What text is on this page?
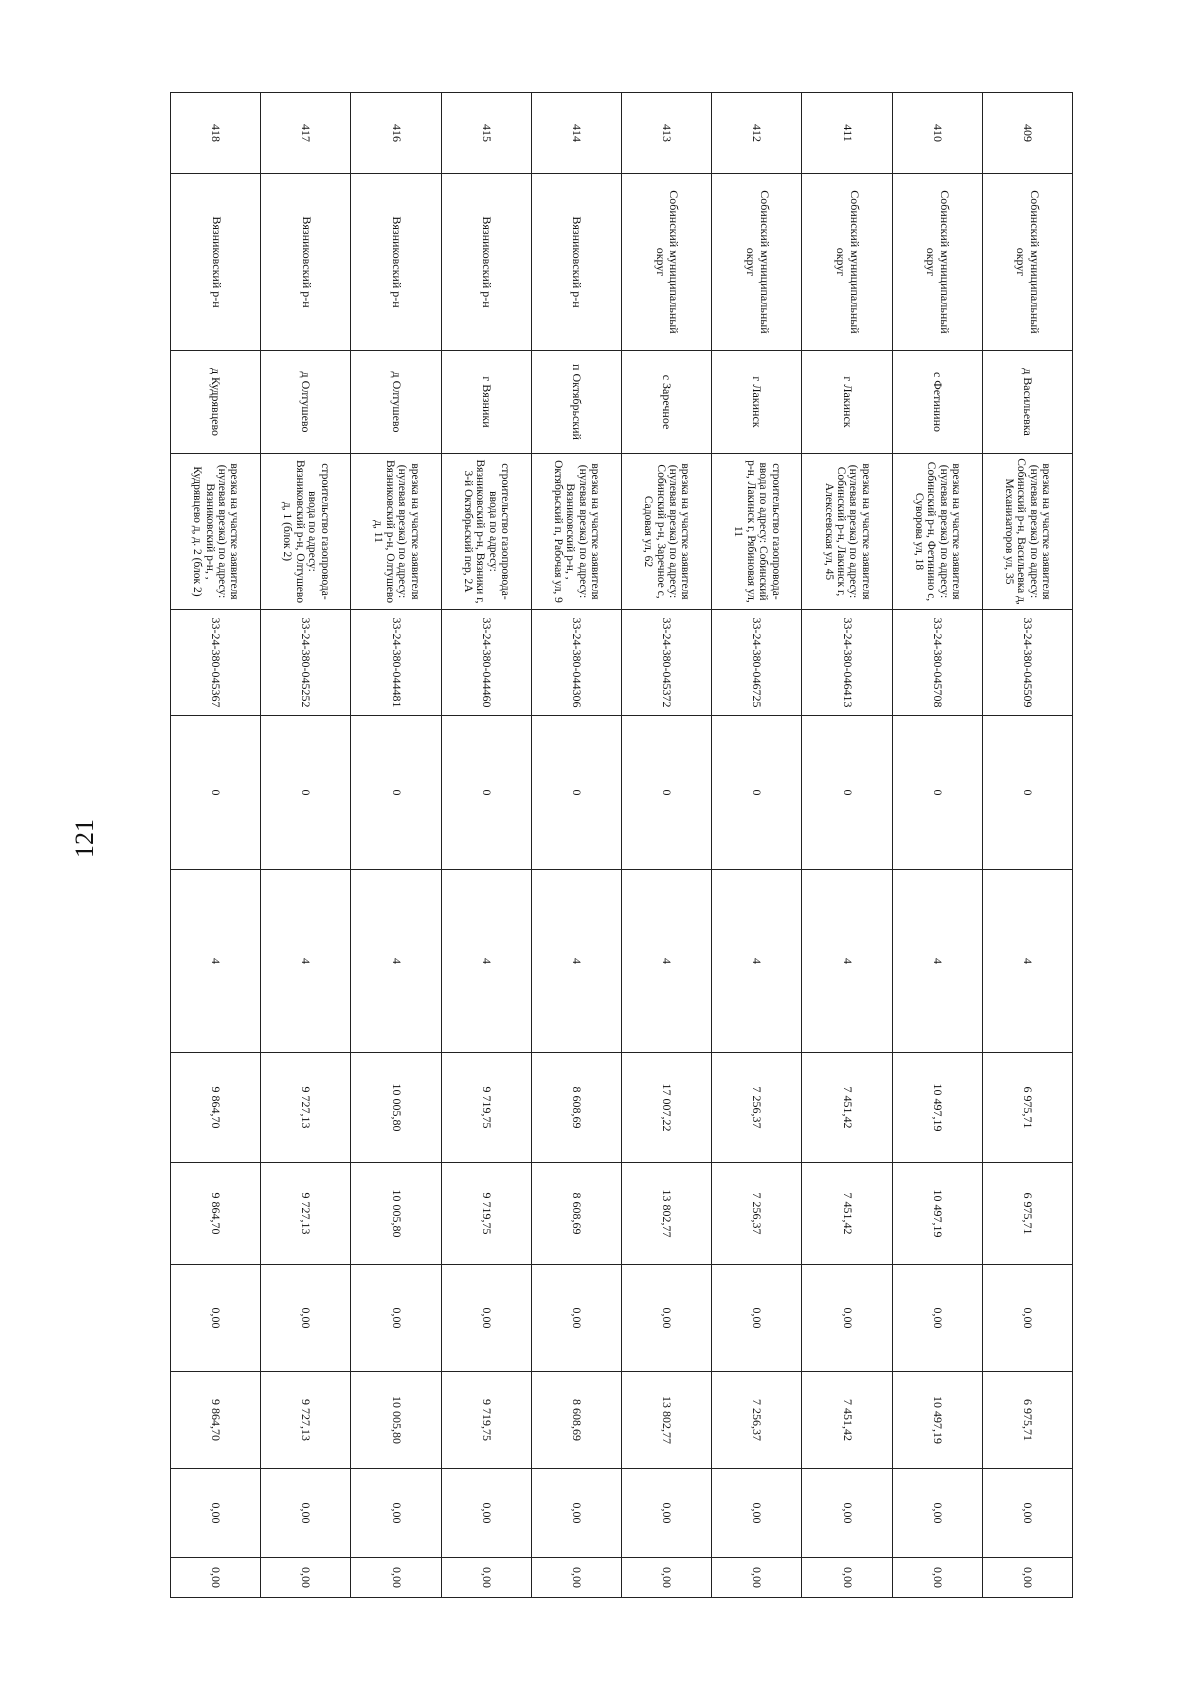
121
409	Собинский муниципальный округ	д Васильевка	врезка на участке заявителя (нулевая врезка) по адресу: Собинский р-н, Васильевка д, Механизаторов ул, 35	33-24-380-045509	0	4	6 975,71	6 975,71	0,00	6 975,71	0,00	0,00
410	Собинский муниципальный округ	с Фетинино	врезка на участке заявителя (нулевая врезка) по адресу: Собинский р-н, Фетинино с, Суворова ул, 18	33-24-380-045708	0	4	10 497,19	10 497,19	0,00	10 497,19	0,00	0,00
411	Собинский муниципальный округ	г Лакинск	врезка на участке заявителя (нулевая врезка) по адресу: Собинский р-н, Лакинск г, Алексеевская ул, 45	33-24-380-046413	0	4	7 451,42	7 451,42	0,00	7 451,42	0,00	0,00
412	Собинский муниципальный округ	г Лакинск	строительство газопровода-ввода по адресу: Собинский р-н, Лакинск г, Рябиновая ул, 11	33-24-380-046725	0	4	7 256,37	7 256,37	0,00	7 256,37	0,00	0,00
413	Собинский муниципальный округ	с Заречное	врезка на участке заявителя (нулевая врезка) по адресу: Собинский р-н, Заречное с, Садовая ул, 62	33-24-380-045372	0	4	17 007,22	13 802,77	0,00	13 802,77	0,00	0,00
414	Вязниковский р-н	п Октябрьский	врезка на участке заявителя (нулевая врезка) по адресу: Вязниковский р-н, , Октябрьский п, Рабочая ул, 9	33-24-380-044306	0	4	8 608,69	8 608,69	0,00	8 608,69	0,00	0,00
415	Вязниковский р-н	г Вязники	строительство газопровода-ввода по адресу: Вязниковский р-н, Вязники г, 3-й Октябрьский пер, 2А	33-24-380-044460	0	4	9 719,75	9 719,75	0,00	9 719,75	0,00	0,00
416	Вязниковский р-н	д Олтушево	врезка на участке заявителя (нулевая врезка) по адресу: Вязниковский р-н, Олтушево д, 11	33-24-380-044481	0	4	10 005,80	10 005,80	0,00	10 005,80	0,00	0,00
417	Вязниковский р-н	д Олтушево	строительство газопровода-ввода по адресу: Вязниковский р-н, Олтушево д, 1 (блок 2)	33-24-380-045252	0	4	9 727,13	9 727,13	0,00	9 727,13	0,00	0,00
418	Вязниковский р-н	д Кудрявцево	врезка на участке заявителя (нулевая врезка) по адресу: Вязниковский р-н, , Кудрявцево д, д. 2 (блок 2)	33-24-380-045367	0	4	9 864,70	9 864,70	0,00	9 864,70	0,00	0,00
